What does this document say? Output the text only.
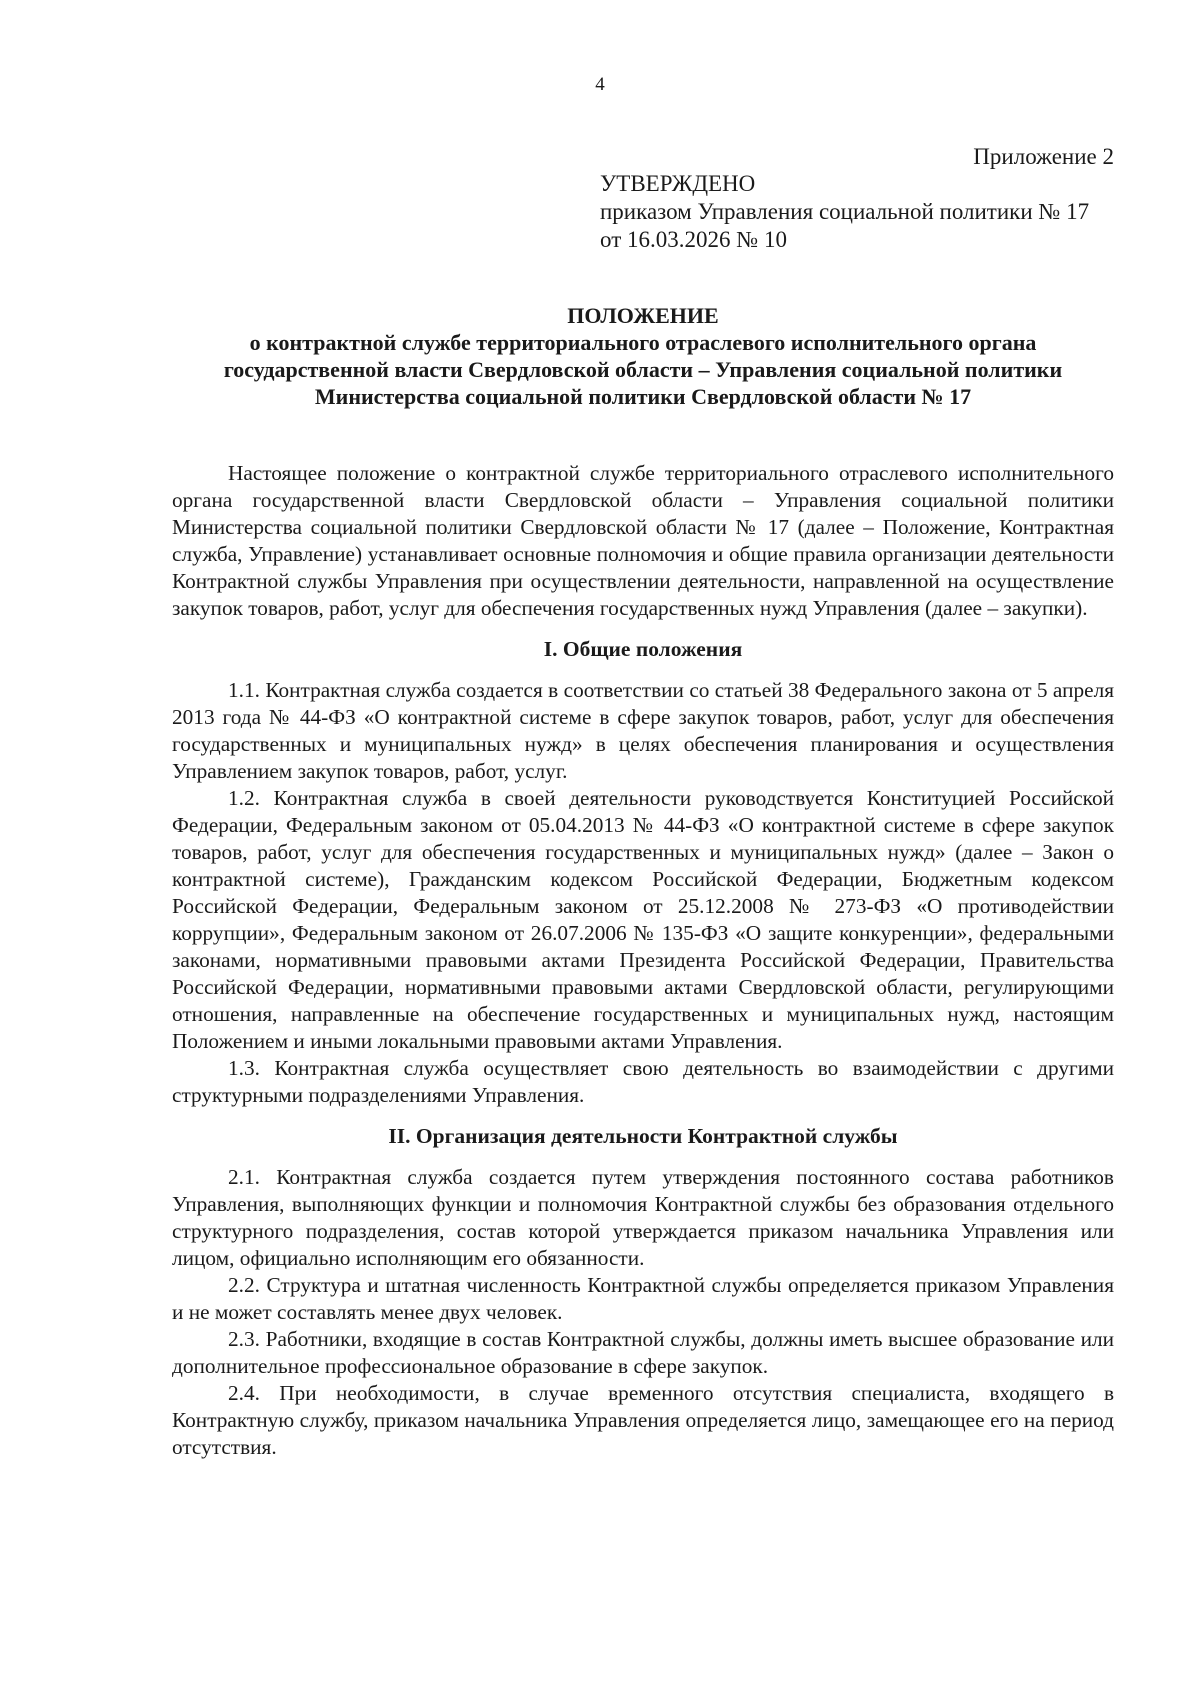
4
Приложение 2
УТВЕРЖДЕНО
приказом Управления социальной политики № 17
от 16.03.2026 № 10
ПОЛОЖЕНИЕ
о контрактной службе территориального отраслевого исполнительного органа
государственной власти Свердловской области – Управления социальной политики
Министерства социальной политики Свердловской области № 17

Настоящее положение о контрактной службе территориального отраслевого исполнительного органа государственной власти Свердловской области – Управления социальной политики Министерства социальной политики Свердловской области № 17 (далее – Положение, Контрактная служба, Управление) устанавливает основные полномочия и общие правила организации деятельности Контрактной службы Управления при осуществлении деятельности, направленной на осуществление закупок товаров, работ, услуг для обеспечения государственных нужд Управления (далее – закупки).

I. Общие положения

1.1. Контрактная служба создается в соответствии со статьей 38 Федерального закона от 5 апреля 2013 года № 44-ФЗ «О контрактной системе в сфере закупок товаров, работ, услуг для обеспечения государственных и муниципальных нужд» в целях обеспечения планирования и осуществления Управлением закупок товаров, работ, услуг.

1.2. Контрактная служба в своей деятельности руководствуется Конституцией Российской Федерации, Федеральным законом от 05.04.2013 № 44-ФЗ «О контрактной системе в сфере закупок товаров, работ, услуг для обеспечения государственных и муниципальных нужд» (далее – Закон о контрактной системе), Гражданским кодексом Российской Федерации, Бюджетным кодексом Российской Федерации, Федеральным законом от 25.12.2008 № 273-ФЗ «О противодействии коррупции», Федеральным законом от 26.07.2006 № 135-ФЗ «О защите конкуренции», федеральными законами, нормативными правовыми актами Президента Российской Федерации, Правительства Российской Федерации, нормативными правовыми актами Свердловской области, регулирующими отношения, направленные на обеспечение государственных и муниципальных нужд, настоящим Положением и иными локальными правовыми актами Управления.

1.3. Контрактная служба осуществляет свою деятельность во взаимодействии с другими структурными подразделениями Управления.

II. Организация деятельности Контрактной службы

2.1. Контрактная служба создается путем утверждения постоянного состава работников Управления, выполняющих функции и полномочия Контрактной службы без образования отдельного структурного подразделения, состав которой утверждается приказом начальника Управления или лицом, официально исполняющим его обязанности.

2.2. Структура и штатная численность Контрактной службы определяется приказом Управления и не может составлять менее двух человек.

2.3. Работники, входящие в состав Контрактной службы, должны иметь высшее образование или дополнительное профессиональное образование в сфере закупок.

2.4. При необходимости, в случае временного отсутствия специалиста, входящего в Контрактную службу, приказом начальника Управления определяется лицо, замещающее его на период отсутствия.
